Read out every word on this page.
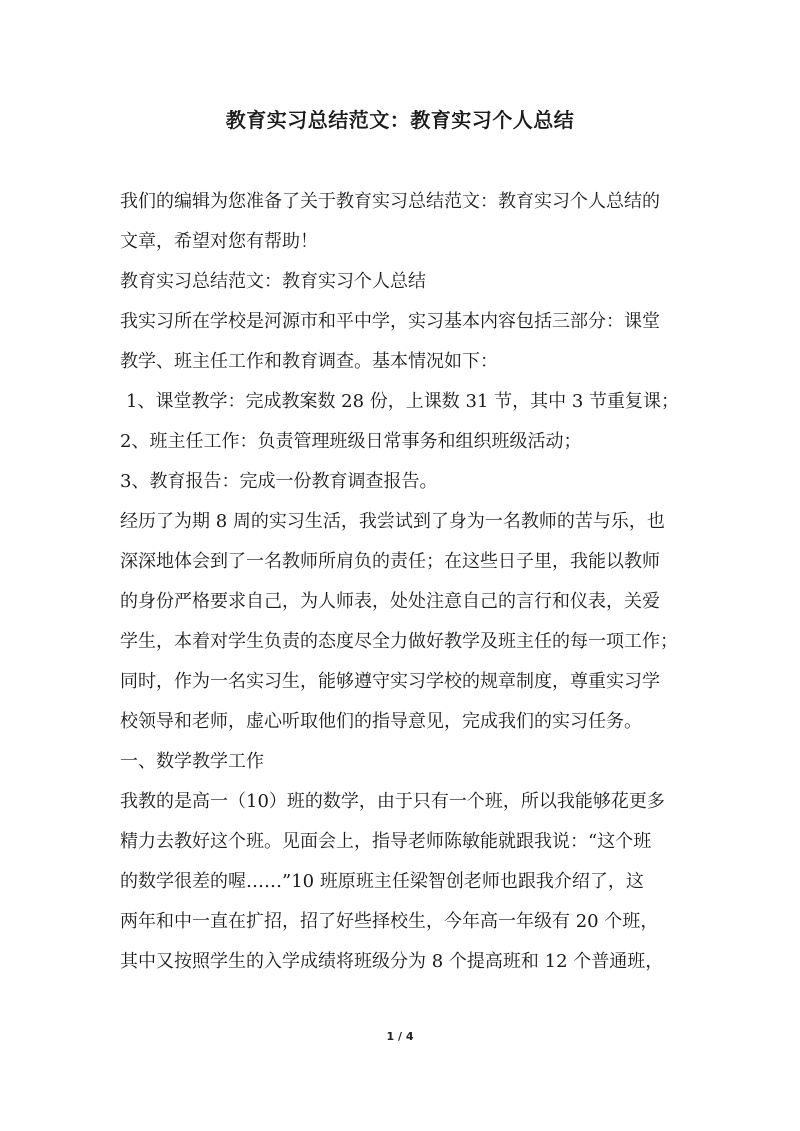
教育实习总结范文：教育实习个人总结

我们的编辑为您准备了关于教育实习总结范文：教育实习个人总结的
文章，希望对您有帮助！

教育实习总结范文：教育实习个人总结

我实习所在学校是河源市和平中学，实习基本内容包括三部分：课堂
教学、班主任工作和教育调查。基本情况如下：

1、课堂教学：完成教案数 28 份，上课数 31 节，其中 3 节重复课；

2、班主任工作：负责管理班级日常事务和组织班级活动；

3、教育报告：完成一份教育调查报告。

经历了为期 8 周的实习生活，我尝试到了身为一名教师的苦与乐，也
深深地体会到了一名教师所肩负的责任；在这些日子里，我能以教师
的身份严格要求自己，为人师表，处处注意自己的言行和仪表，关爱
学生，本着对学生负责的态度尽全力做好教学及班主任的每一项工作；
同时，作为一名实习生，能够遵守实习学校的规章制度，尊重实习学
校领导和老师，虚心听取他们的指导意见，完成我们的实习任务。

一、数学教学工作

我教的是高一（10）班的数学，由于只有一个班，所以我能够花更多
精力去教好这个班。见面会上，指导老师陈敏能就跟我说：“这个班
的数学很差的喔……”10 班原班主任梁智创老师也跟我介绍了，这
两年和中一直在扩招，招了好些择校生，今年高一年级有 20 个班，
其中又按照学生的入学成绩将班级分为 8 个提高班和 12 个普通班，

1 / 4
